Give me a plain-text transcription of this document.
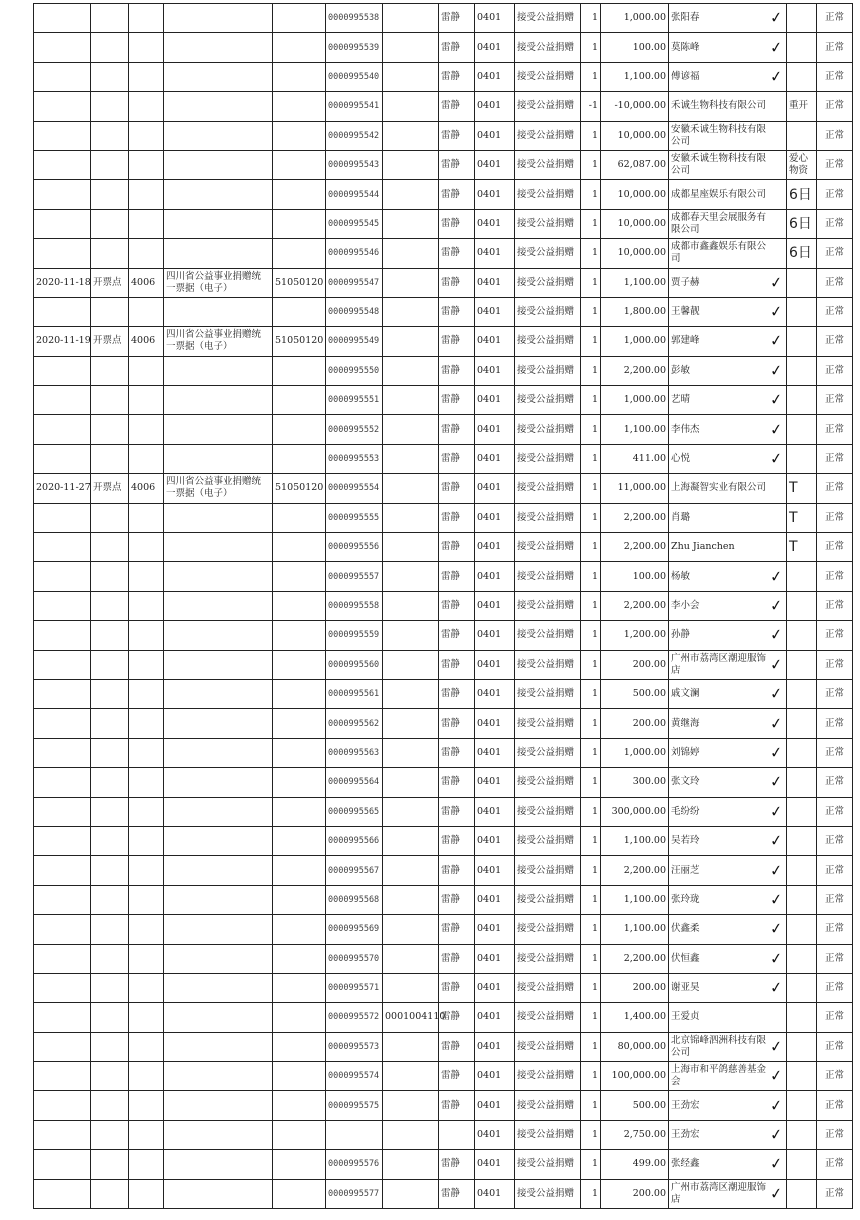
					0000995538		雷静	0401	接受公益捐赠	1	1,000.00	张阳春 ✓		正常
					0000995539		雷静	0401	接受公益捐赠	1	100.00	莫陈峰 ✓		正常
					0000995540		雷静	0401	接受公益捐赠	1	1,100.00	傅谚福 ✓		正常
					0000995541		雷静	0401	接受公益捐赠	-1	-10,000.00	禾诚生物科技有限公司	重开	正常
					0000995542		雷静	0401	接受公益捐赠	1	10,000.00	安徽禾诚生物科技有限公司		正常
					0000995543		雷静	0401	接受公益捐赠	1	62,087.00	安徽禾诚生物科技有限公司	爱心物资	正常
					0000995544		雷静	0401	接受公益捐赠	1	10,000.00	成都星座娱乐有限公司	6日	正常
					0000995545		雷静	0401	接受公益捐赠	1	10,000.00	成都春天里会展服务有限公司	6日	正常
					0000995546		雷静	0401	接受公益捐赠	1	10,000.00	成都市鑫鑫娱乐有限公司	6日	正常
2020-11-18	开票点	4006	四川省公益事业捐赠统一票据（电子）	51050120	0000995547		雷静	0401	接受公益捐赠	1	1,100.00	贾子赫 ✓		正常
					0000995548		雷静	0401	接受公益捐赠	1	1,800.00	王馨靓 ✓		正常
2020-11-19	开票点	4006	四川省公益事业捐赠统一票据（电子）	51050120	0000995549		雷静	0401	接受公益捐赠	1	1,000.00	郭建峰 ✓		正常
					0000995550		雷静	0401	接受公益捐赠	1	2,200.00	彭敏 ✓		正常
					0000995551		雷静	0401	接受公益捐赠	1	1,000.00	艺晴 ✓		正常
					0000995552		雷静	0401	接受公益捐赠	1	1,100.00	李伟杰 ✓		正常
					0000995553		雷静	0401	接受公益捐赠	1	411.00	心悦 ✓		正常
2020-11-27	开票点	4006	四川省公益事业捐赠统一票据（电子）	51050120	0000995554		雷静	0401	接受公益捐赠	1	11,000.00	上海凝智实业有限公司	T	正常
					0000995555		雷静	0401	接受公益捐赠	1	2,200.00	肖璐	T	正常
					0000995556		雷静	0401	接受公益捐赠	1	2,200.00	Zhu Jianchen	T	正常
					0000995557		雷静	0401	接受公益捐赠	1	100.00	杨敏 ✓		正常
					0000995558		雷静	0401	接受公益捐赠	1	2,200.00	李小会 ✓		正常
					0000995559		雷静	0401	接受公益捐赠	1	1,200.00	孙静 ✓		正常
					0000995560		雷静	0401	接受公益捐赠	1	200.00	广州市荔湾区潮迎服饰店 ✓		正常
					0000995561		雷静	0401	接受公益捐赠	1	500.00	戚文澜 ✓		正常
					0000995562		雷静	0401	接受公益捐赠	1	200.00	黄继海 ✓		正常
					0000995563		雷静	0401	接受公益捐赠	1	1,000.00	刘锦婷 ✓		正常
					0000995564		雷静	0401	接受公益捐赠	1	300.00	张文玲 ✓		正常
					0000995565		雷静	0401	接受公益捐赠	1	300,000.00	毛纷纷 ✓		正常
					0000995566		雷静	0401	接受公益捐赠	1	1,100.00	吴若玲 ✓		正常
					0000995567		雷静	0401	接受公益捐赠	1	2,200.00	汪丽芝 ✓		正常
					0000995568		雷静	0401	接受公益捐赠	1	1,100.00	张玲珑 ✓		正常
					0000995569		雷静	0401	接受公益捐赠	1	1,100.00	伏鑫柔 ✓		正常
					0000995570		雷静	0401	接受公益捐赠	1	2,200.00	伏恒鑫 ✓		正常
					0000995571		雷静	0401	接受公益捐赠	1	200.00	谢亚昊 ✓		正常
					0000995572	0001004110	雷静	0401	接受公益捐赠	1	1,400.00	王爱贞		正常
					0000995573		雷静	0401	接受公益捐赠	1	80,000.00	北京锦峰泗洲科技有限公司 ✓		正常
					0000995574		雷静	0401	接受公益捐赠	1	100,000.00	上海市和平鸽慈善基金会 ✓		正常
					0000995575		雷静	0401	接受公益捐赠	1	500.00	王劲宏 ✓		正常
								0401	接受公益捐赠	1	2,750.00	王劲宏 ✓		正常
					0000995576		雷静	0401	接受公益捐赠	1	499.00	张经鑫 ✓		正常
					0000995577		雷静	0401	接受公益捐赠	1	200.00	广州市荔湾区潮迎服饰店 ✓		正常
